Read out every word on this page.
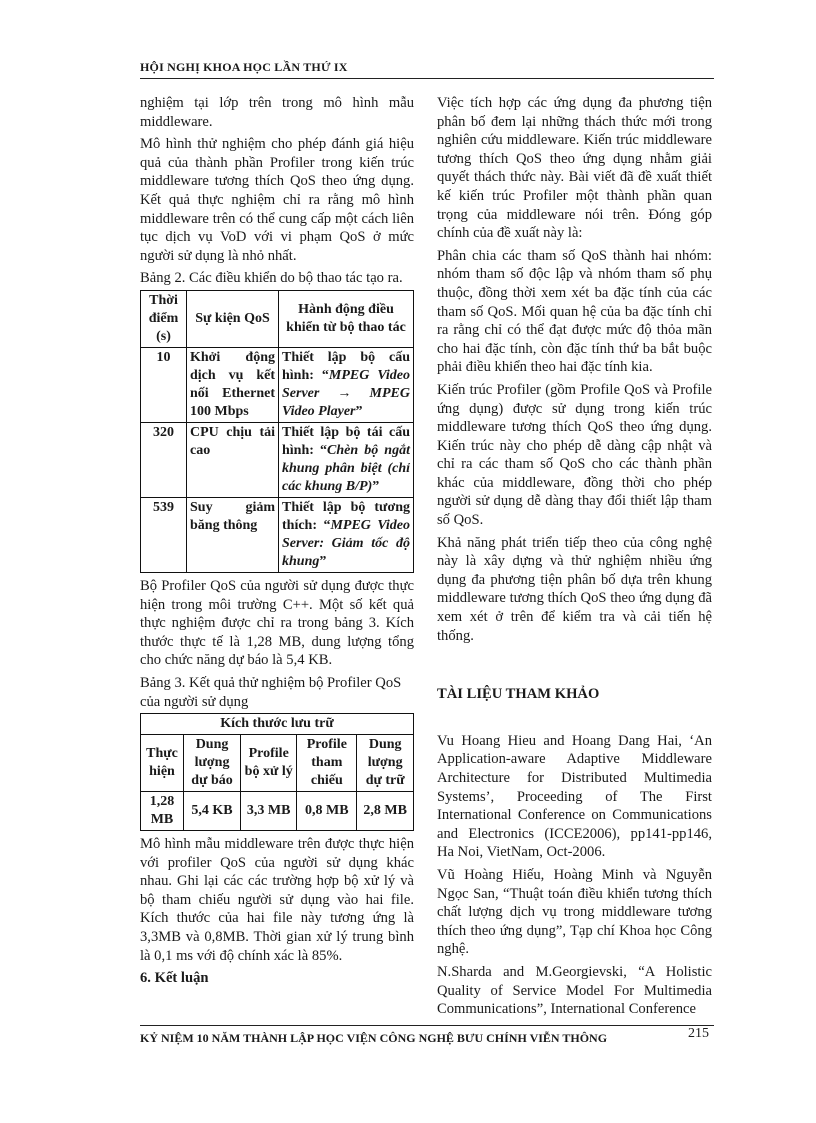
HỘI NGHỊ KHOA HỌC LẦN THỨ IX

nghiệm tại lớp trên trong mô hình mẫu middleware.

Mô hình thử nghiệm cho phép đánh giá hiệu quả của thành phần Profiler trong kiến trúc middleware tương thích QoS theo ứng dụng. Kết quả thực nghiệm chỉ ra rằng mô hình middleware trên có thể cung cấp một cách liên tục dịch vụ VoD với vi phạm QoS ở mức người sử dụng là nhỏ nhất.

Bảng 2. Các điều khiển do bộ thao tác tạo ra.
Thời điểm (s)	Sự kiện QoS	Hành động điều khiển từ bộ thao tác
10	Khởi động dịch vụ kết nối Ethernet 100 Mbps	Thiết lập bộ cấu hình: “MPEG Video Server → MPEG Video Player”
320	CPU chịu tải cao	Thiết lập bộ tái cấu hình: “Chèn bộ ngắt khung phân biệt (chỉ các khung B/P)”
539	Suy giảm băng thông	Thiết lập bộ tương thích: “MPEG Video Server: Giảm tốc độ khung”

Bộ Profiler QoS của người sử dụng được thực hiện trong môi trường C++. Một số kết quả thực nghiệm được chỉ ra trong bảng 3. Kích thước thực tế là 1,28 MB, dung lượng tổng cho chức năng dự báo là 5,4 KB.

Bảng 3. Kết quả thử nghiệm bộ Profiler QoS của người sử dụng
Kích thước lưu trữ				
Thực hiện	Dung lượng dự báo	Profile bộ xử lý	Profile tham chiếu	Dung lượng dự trữ
1,28 MB	5,4 KB	3,3 MB	0,8 MB	2,8 MB

Mô hình mẫu middleware trên được thực hiện với profiler QoS của người sử dụng khác nhau. Ghi lại các các trường hợp bộ xử lý và bộ tham chiếu người sử dụng vào hai file. Kích thước của hai file này tương ứng là 3,3MB và 0,8MB. Thời gian xử lý trung bình là 0,1 ms với độ chính xác là 85%.

6. Kết luận

Việc tích hợp các ứng dụng đa phương tiện phân bố đem lại những thách thức mới trong nghiên cứu middleware. Kiến trúc middleware tương thích QoS theo ứng dụng nhằm giải quyết thách thức này. Bài viết đã đề xuất thiết kế kiến trúc Profiler một thành phần quan trọng của middleware nói trên. Đóng góp chính của đề xuất này là:

Phân chia các tham số QoS thành hai nhóm: nhóm tham số độc lập và nhóm tham số phụ thuộc, đồng thời xem xét ba đặc tính của các tham số QoS. Mối quan hệ của ba đặc tính chỉ ra rằng chỉ có thể đạt được mức độ thỏa mãn cho hai đặc tính, còn đặc tính thứ ba bắt buộc phải điều khiển theo hai đặc tính kia.

Kiến trúc Profiler (gồm Profile QoS và Profile ứng dụng) được sử dụng trong kiến trúc middleware tương thích QoS theo ứng dụng. Kiến trúc này cho phép dễ dàng cập nhật và chỉ ra các tham số QoS cho các thành phần khác của middleware, đồng thời cho phép người sử dụng dễ dàng thay đổi thiết lập tham số QoS.

Khả năng phát triển tiếp theo của công nghệ này là xây dựng và thử nghiệm nhiều ứng dụng đa phương tiện phân bố dựa trên khung middleware tương thích QoS theo ứng dụng đã xem xét ở trên để kiểm tra và cải tiến hệ thống.

TÀI LIỆU THAM KHẢO

Vu Hoang Hieu and Hoang Dang Hai, ‘An Application-aware Adaptive Middleware Architecture for Distributed Multimedia Systems’, Proceeding of The First International Conference on Communications and Electronics (ICCE2006), pp141-pp146, Ha Noi, VietNam, Oct-2006.

Vũ Hoàng Hiếu, Hoàng Minh và Nguyễn Ngọc San, “Thuật toán điều khiển tương thích chất lượng dịch vụ trong middleware tương thích theo ứng dụng”, Tạp chí Khoa học Công nghệ.

N.Sharda and M.Georgievski, “A Holistic Quality of Service Model For Multimedia Communications”, International Conference

KỶ NIỆM 10 NĂM THÀNH LẬP HỌC VIỆN CÔNG NGHỆ BƯU CHÍNH VIỄN THÔNG	215
